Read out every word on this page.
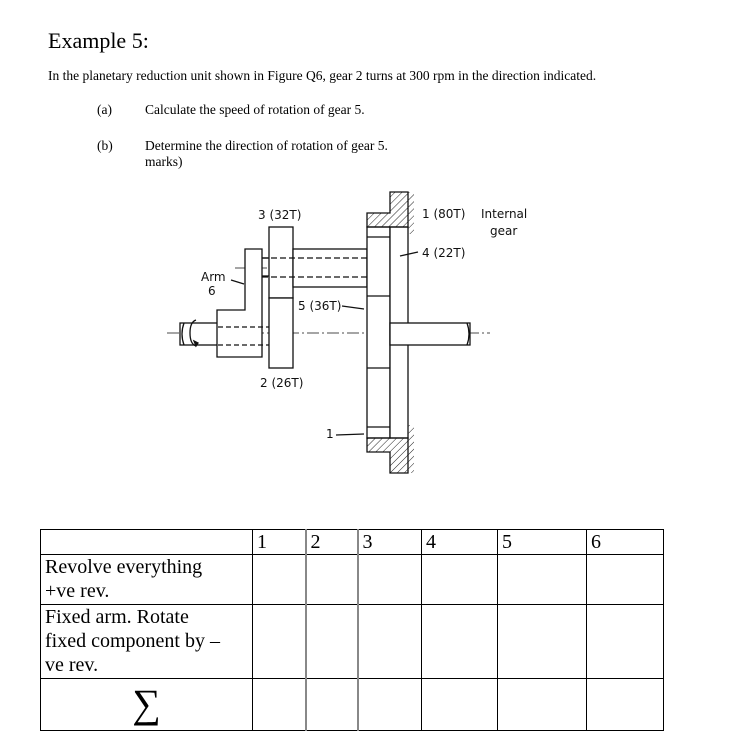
Example 5:
In the planetary reduction unit shown in Figure Q6, gear 2 turns at 300 rpm in the direction indicated.
(a) Calculate the speed of rotation of gear 5.
(b) Determine the direction of rotation of gear 5.
marks)
3 (32T)	1 (80T) Internal
gear
4 (22T)
Arm
6
5 (36T)
2 (26T)
1
	1	2	3	4	5	6

Revolve everything
+ve rev.						

Fixed arm. Rotate
fixed component by –
ve rev.						

∑						
